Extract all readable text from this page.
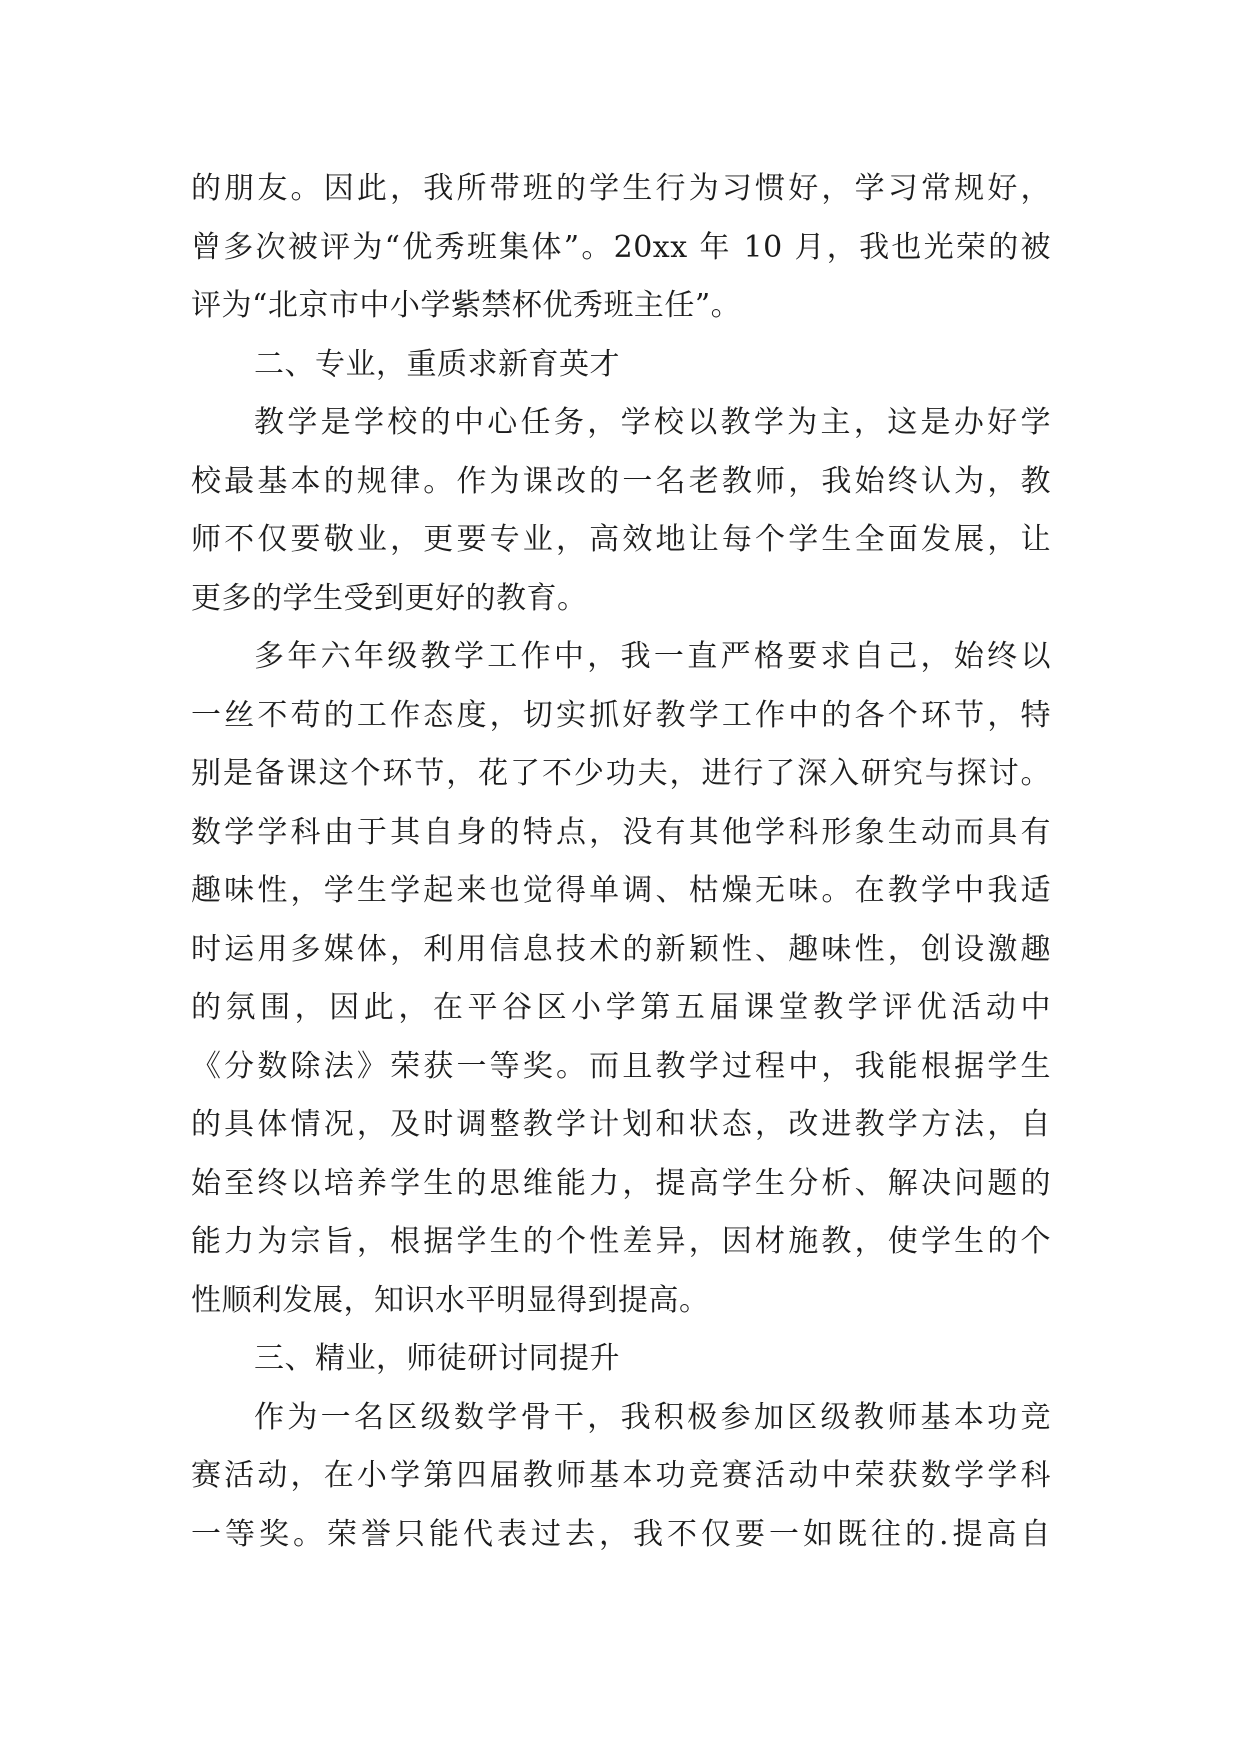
的朋友。因此，我所带班的学生行为习惯好，学习常规好，
曾多次被评为“优秀班集体”。20xx 年 10 月，我也光荣的被
评为“北京市中小学紫禁杯优秀班主任”。
二、专业，重质求新育英才
教学是学校的中心任务，学校以教学为主，这是办好学
校最基本的规律。作为课改的一名老教师，我始终认为，教
师不仅要敬业，更要专业，高效地让每个学生全面发展，让
更多的学生受到更好的教育。
多年六年级教学工作中，我一直严格要求自己，始终以
一丝不苟的工作态度，切实抓好教学工作中的各个环节，特
别是备课这个环节，花了不少功夫，进行了深入研究与探讨。
数学学科由于其自身的特点，没有其他学科形象生动而具有
趣味性，学生学起来也觉得单调、枯燥无味。在教学中我适
时运用多媒体，利用信息技术的新颖性、趣味性，创设激趣
的氛围，因此，在平谷区小学第五届课堂教学评优活动中
《分数除法》荣获一等奖。而且教学过程中，我能根据学生
的具体情况，及时调整教学计划和状态，改进教学方法，自
始至终以培养学生的思维能力，提高学生分析、解决问题的
能力为宗旨，根据学生的个性差异，因材施教，使学生的个
性顺利发展，知识水平明显得到提高。
三、精业，师徒研讨同提升
作为一名区级数学骨干，我积极参加区级教师基本功竞
赛活动，在小学第四届教师基本功竞赛活动中荣获数学学科
一等奖。荣誉只能代表过去，我不仅要一如既往的.提高自
